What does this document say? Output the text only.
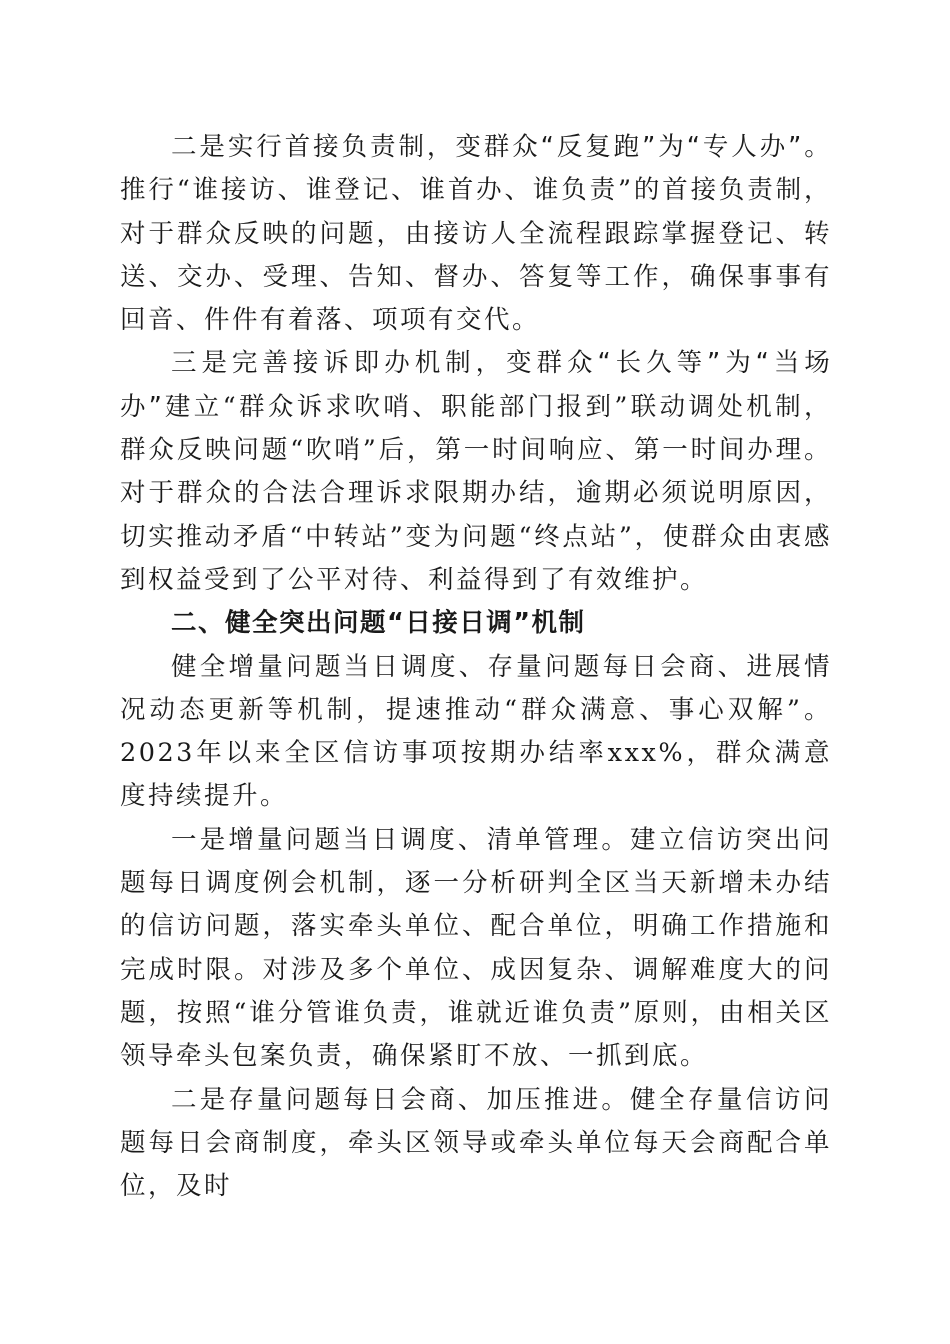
二是实行首接负责制，变群众“反复跑”为“专人办”。推行“谁接访、谁登记、谁首办、谁负责”的首接负责制，对于群众反映的问题，由接访人全流程跟踪掌握登记、转送、交办、受理、告知、督办、答复等工作，确保事事有回音、件件有着落、项项有交代。

三是完善接诉即办机制，变群众“长久等”为“当场办”建立“群众诉求吹哨、职能部门报到”联动调处机制，群众反映问题“吹哨”后，第一时间响应、第一时间办理。对于群众的合法合理诉求限期办结，逾期必须说明原因，切实推动矛盾“中转站”变为问题“终点站”，使群众由衷感到权益受到了公平对待、利益得到了有效维护。

二、健全突出问题“日接日调”机制

健全增量问题当日调度、存量问题每日会商、进展情况动态更新等机制，提速推动“群众满意、事心双解”。2023年以来全区信访事项按期办结率xxx%，群众满意度持续提升。

一是增量问题当日调度、清单管理。建立信访突出问题每日调度例会机制，逐一分析研判全区当天新增未办结的信访问题，落实牵头单位、配合单位，明确工作措施和完成时限。对涉及多个单位、成因复杂、调解难度大的问题，按照“谁分管谁负责，谁就近谁负责”原则，由相关区领导牵头包案负责，确保紧盯不放、一抓到底。

二是存量问题每日会商、加压推进。健全存量信访问题每日会商制度，牵头区领导或牵头单位每天会商配合单位，及时
